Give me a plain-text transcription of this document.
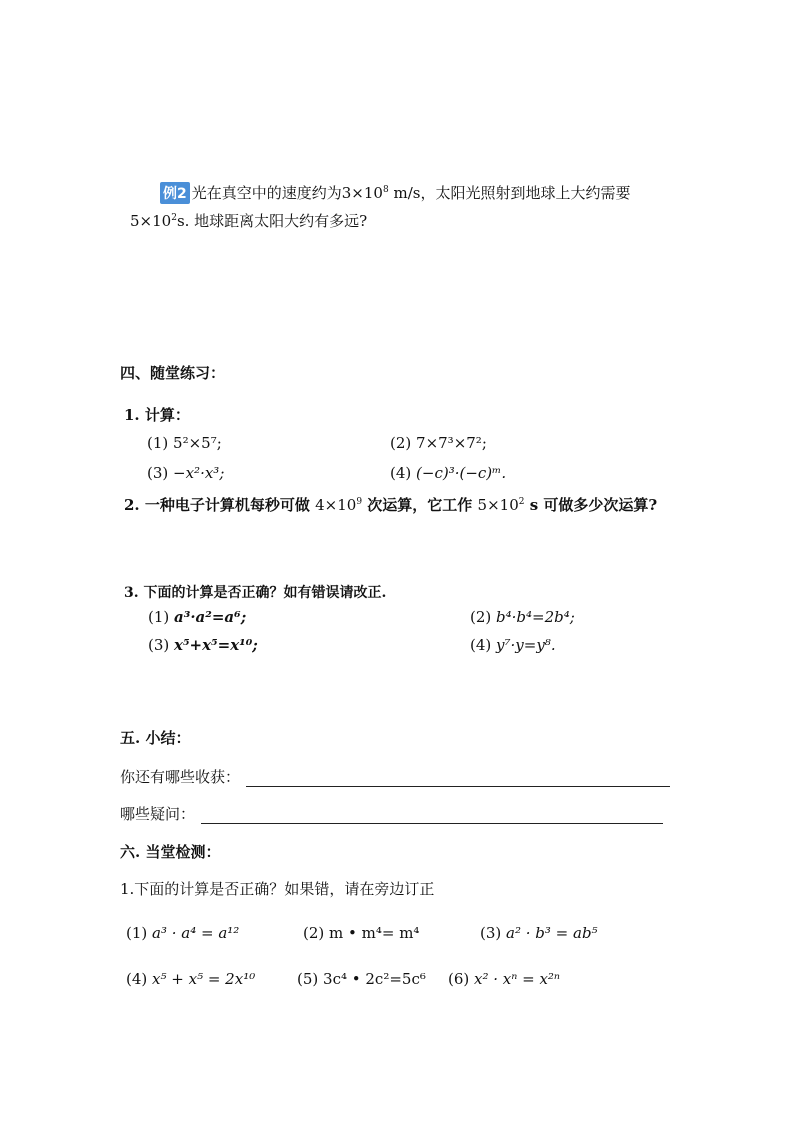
例2 光在真空中的速度约为$3\times 10^8$ m/s，太阳光照射到地球上大约需要
$5\times 10^2s$. 地球距离太阳大约有多远?
四、随堂练习：
1. 计算：
(1) 5²×5⁷;	(2) 7×7³×7²;
(3) −x²·x³;	(4) (−c)³·(−c)ᵐ.
2. 一种电子计算机每秒可做 $4\times 10^9$ 次运算，它工作 $5\times 10^2$ s 可做多少次运算?
3. 下面的计算是否正确？如有错误请改正.
(1) a³·a²=a⁶;	(2) b⁴·b⁴=2b⁴;
(3) x⁵+x⁵=x¹⁰;	(4) y⁷·y=y⁸.
五. 小结：
你还有哪些收获：
哪些疑问：
六. 当堂检测：
1.下面的计算是否正确？如果错，请在旁边订正
(1) a³ · a⁴ = a¹²	(2) m • m⁴= m⁴	(3) a² · b³ = ab⁵
(4) x⁵ + x⁵ = 2x¹⁰	(5) 3c⁴ • 2c²=5c⁶ (6) x² · xⁿ = x²ⁿ
